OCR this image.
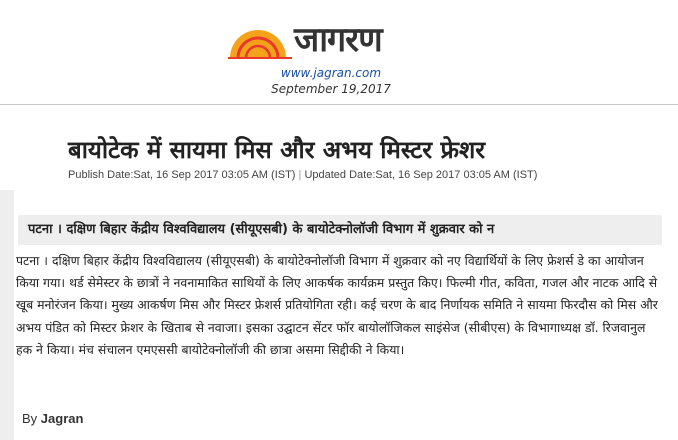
जागरण
www.jagran.com
September 19,2017
बायोटेक में सायमा मिस और अभय मिस्टर फ्रेशर
Publish Date:Sat, 16 Sep 2017 03:05 AM (IST) | Updated Date:Sat, 16 Sep 2017 03:05 AM (IST)
पटना । दक्षिण बिहार केंद्रीय विश्वविद्यालय (सीयूएसबी) के बायोटेक्नोलॉजी विभाग में शुक्रवार को न

पटना । दक्षिण बिहार केंद्रीय विश्वविद्यालय (सीयूएसबी) के बायोटेक्नोलॉजी विभाग में शुक्रवार को नए विद्यार्थियों के लिए फ्रेशर्स डे का आयोजन किया गया। थर्ड सेमेस्टर के छात्रों ने नवनामाकित साथियों के लिए आकर्षक कार्यक्रम प्रस्तुत किए। फिल्मी गीत, कविता, गजल और नाटक आदि से खूब मनोरंजन किया। मुख्य आकर्षण मिस और मिस्टर फ्रेशर्स प्रतियोगिता रही। कई चरण के बाद निर्णायक समिति ने सायमा फिरदौस को मिस और अभय पंडित को मिस्टर फ्रेशर के खिताब से नवाजा। इसका उद्घाटन सेंटर फॉर बायोलॉजिकल साइंसेज (सीबीएस) के विभागाध्यक्ष डॉ. रिजवानुल हक ने किया। मंच संचालन एमएससी बायोटेक्नोलॉजी की छात्रा असमा सिद्दीकी ने किया।

By Jagran
